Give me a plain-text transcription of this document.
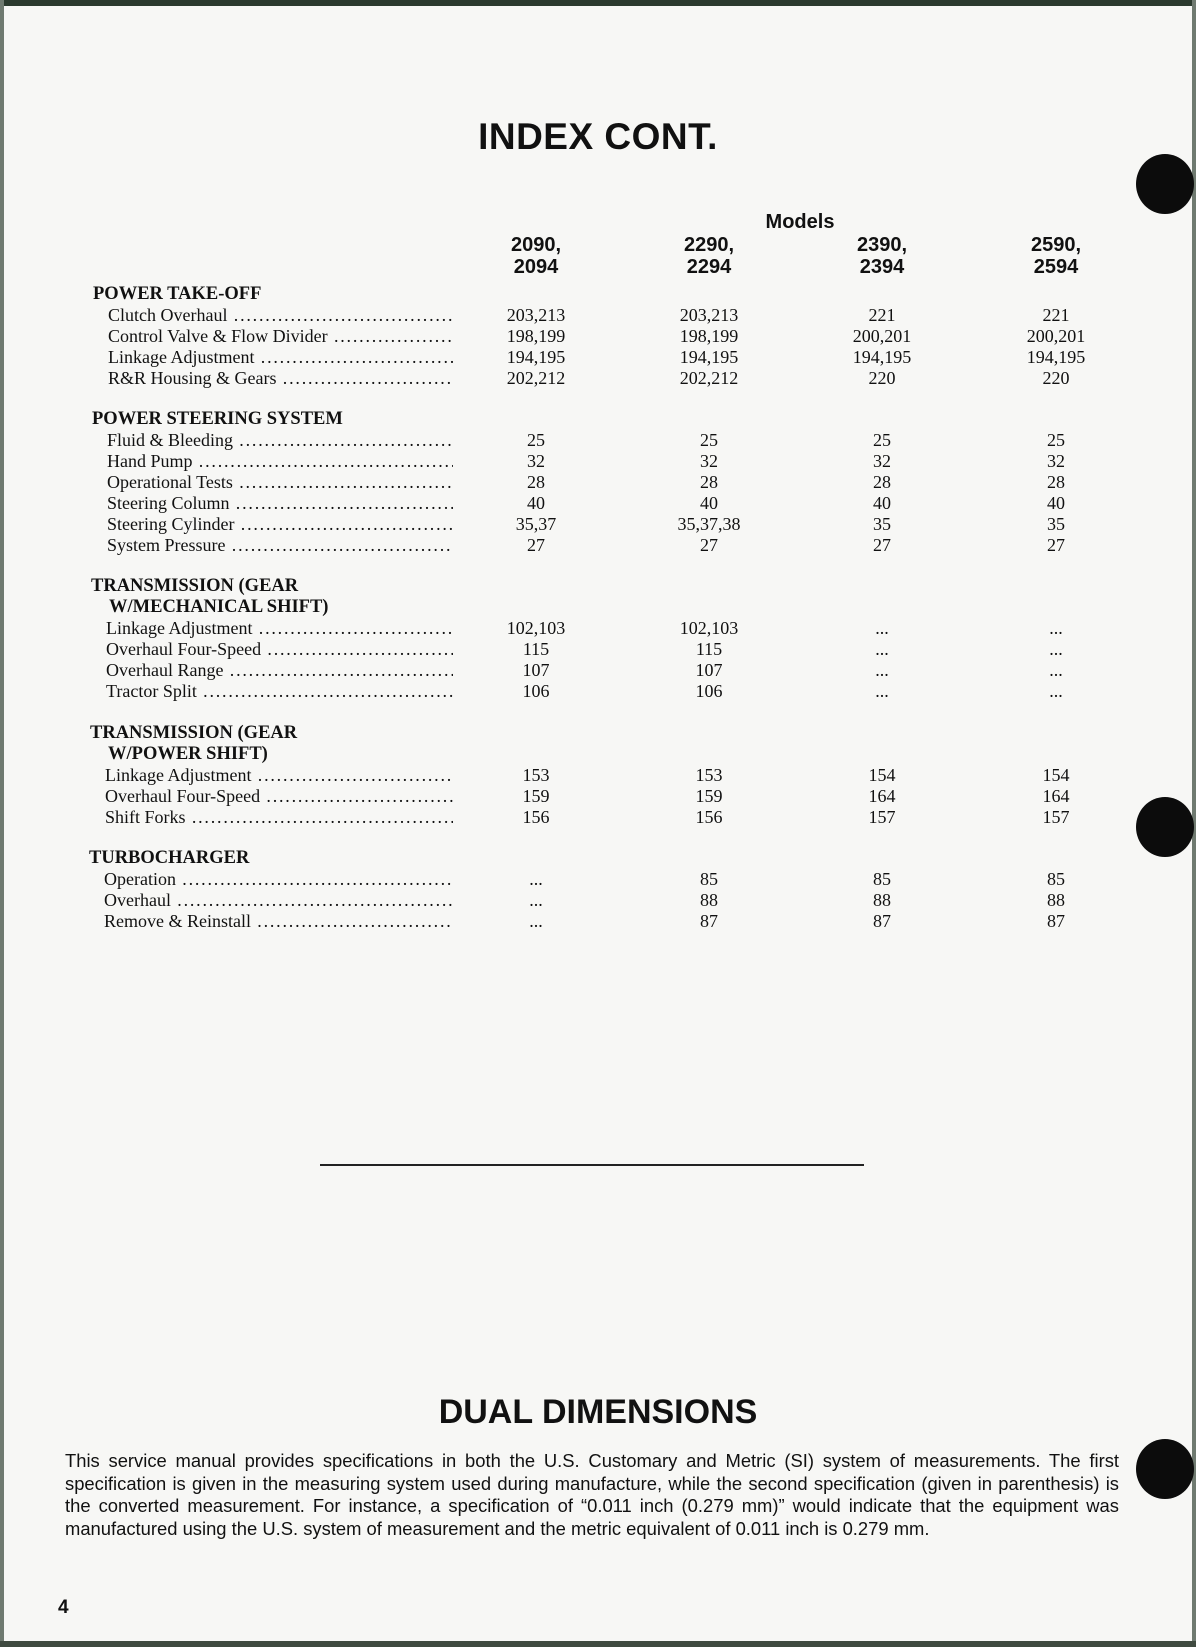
INDEX CONT.
Models
2090,
2094
2290,
2294
2390,
2394
2590,
2594
POWER TAKE-OFF
Clutch Overhaul .....	203,213	203,213	221	221
Control Valve & Flow Divider .....	198,199	198,199	200,201	200,201
Linkage Adjustment .....	194,195	194,195	194,195	194,195
R&R Housing & Gears .....	202,212	202,212	220	220
POWER STEERING SYSTEM
Fluid & Bleeding .....	25	25	25	25
Hand Pump .....	32	32	32	32
Operational Tests .....	28	28	28	28
Steering Column .....	40	40	40	40
Steering Cylinder .....	35,37	35,37,38	35	35
System Pressure .....	27	27	27	27
TRANSMISSION (GEAR
W/MECHANICAL SHIFT)
Linkage Adjustment .....	102,103	102,103	...	...
Overhaul Four-Speed .....	115	115	...	...
Overhaul Range .....	107	107	...	...
Tractor Split .....	106	106	...	...
TRANSMISSION (GEAR
W/POWER SHIFT)
Linkage Adjustment .....	153	153	154	154
Overhaul Four-Speed .....	159	159	164	164
Shift Forks .....	156	156	157	157
TURBOCHARGER
Operation .....	...	85	85	85
Overhaul .....	...	88	88	88
Remove & Reinstall .....	...	87	87	87
DUAL DIMENSIONS
This service manual provides specifications in both the U.S. Customary and Metric (SI) system of measurements. The first specification is given in the measuring system used during manufacture, while the second specification (given in parenthesis) is the converted measurement. For instance, a specification of “0.011 inch (0.279 mm)” would indicate that the equipment was manufactured using the U.S. system of measurement and the metric equivalent of 0.011 inch is 0.279 mm.
4
